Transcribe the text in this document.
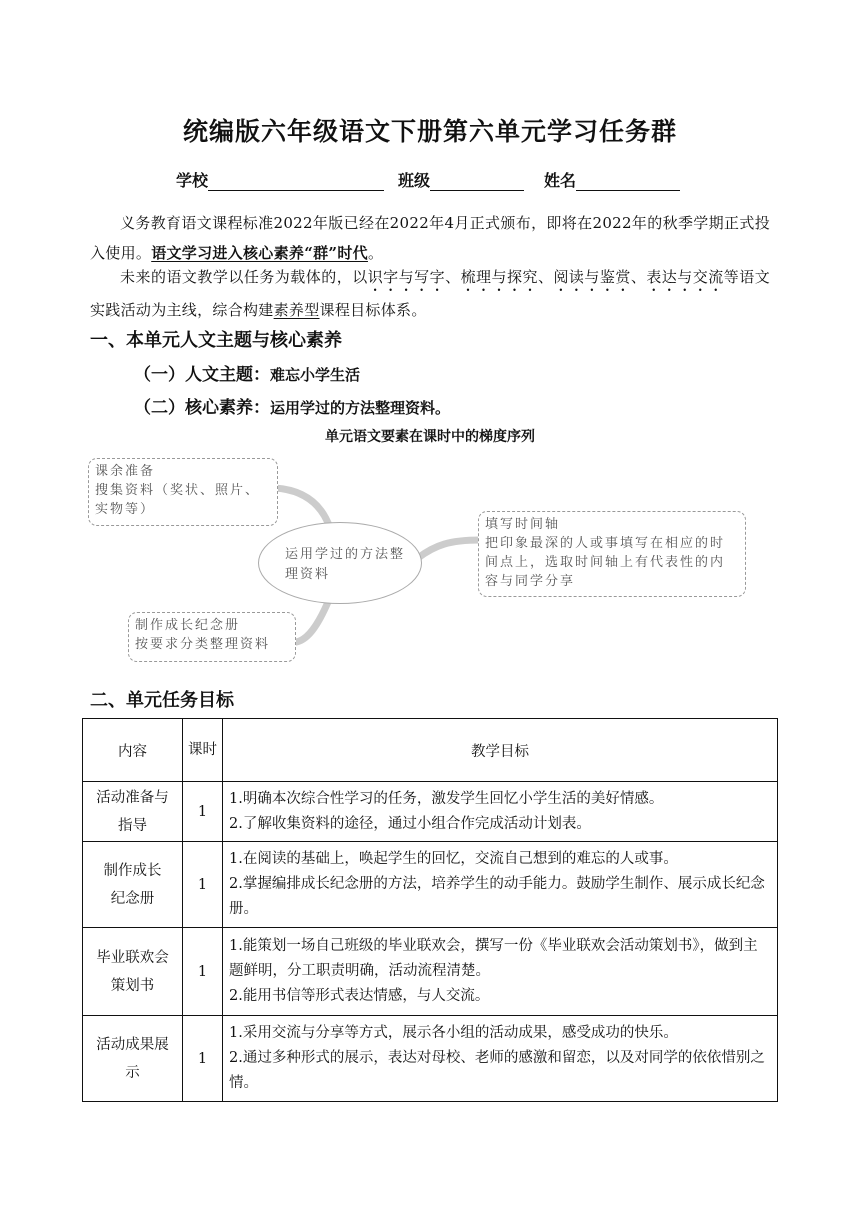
统编版六年级语文下册第六单元学习任务群
学校	班级	姓名
义务教育语文课程标准2022年版已经在2022年4月正式颁布，即将在2022年的秋季学期正式投入使用。语文学习进入核心素养“群”时代。
未来的语文教学以任务为载体的，以识字与写字、梳理与探究、阅读与鉴赏、表达与交流等语文实践活动为主线，综合构建素养型课程目标体系。
一、本单元人文主题与核心素养
（一）人文主题：难忘小学生活
（二）核心素养：运用学过的方法整理资料。
单元语文要素在课时中的梯度序列
课余准备
搜集资料（奖状、照片、实物等）
运用学过的方法整理资料
填写时间轴
把印象最深的人或事填写在相应的时间点上，选取时间轴上有代表性的内容与同学分享
制作成长纪念册
按要求分类整理资料
二、单元任务目标
内容	课时	教学目标
活动准备与指导	1	1.明确本次综合性学习的任务，激发学生回忆小学生活的美好情感。
2.了解收集资料的途径，通过小组合作完成活动计划表。

制作成长纪念册	1	1.在阅读的基础上，唤起学生的回忆，交流自己想到的难忘的人或事。
2.掌握编排成长纪念册的方法，培养学生的动手能力。鼓励学生制作、展示成长纪念册。

毕业联欢会策划书	1	1.能策划一场自己班级的毕业联欢会，撰写一份《毕业联欢会活动策划书》，做到主题鲜明，分工职责明确，活动流程清楚。
2.能用书信等形式表达情感，与人交流。

活动成果展示	1	1.采用交流与分享等方式，展示各小组的活动成果，感受成功的快乐。
2.通过多种形式的展示，表达对母校、老师的感激和留恋，以及对同学的依依惜别之情。
